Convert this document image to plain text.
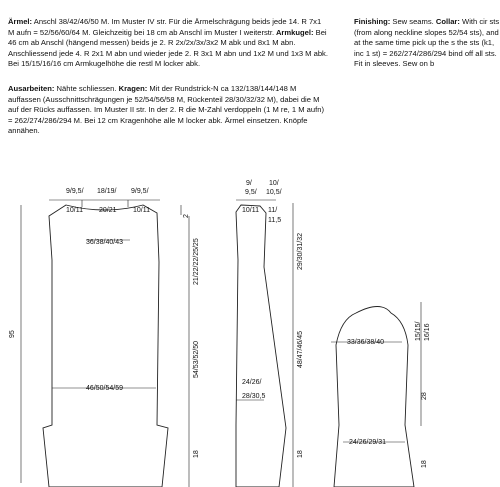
Ärmel: Anschl 38/42/46/50 M. Im Muster IV str. Für die Ärmelschrägung beids jede 14. R 7x1 M aufn = 52/56/60/64 M. Gleichzeitig bei 18 cm ab Anschl im Muster I weiterstr. Armkugel: Bei 46 cm ab Anschl (hängend messen) beids je 2. R 2x/2x/3x/3x2 M abk und 8x1 M abn. Anschliessend jede 4. R 2x1 M abn und wieder jede 2. R 3x1 M abn und 1x2 M und 1x3 M abk. Bei 15/15/16/16 cm Armkugelhöhe die restl M locker abk.

Ausarbeiten: Nähte schliessen. Kragen: Mit der Rundstrick-N ca 132/138/144/148 M auffassen (Ausschnittschrägungen je 52/54/56/58 M, Rückenteil 28/30/32/32 M), dabei die M auf der Rücks auffassen. Im Muster II str. In der 2. R die M-Zahl verdoppeln (1 M re, 1 M aufn) = 262/274/286/294 M. Bei 12 cm Kragenhöhe alle M locker abk. Ärmel einsetzen. Knöpfe annähen.

Finishing: Sew seams. Collar: With cir sts (from along neckline slopes 52/54 sts), and at the same time pick up the s the sts (k1, inc 1 st) = 262/274/286/294 bind off all sts. Fit in sleeves. Sew on b

9/9,5/
10/11
18/19/
20/21
9/9,5/
10/11
36/38/40/43
46/50/54/59
95
2
21/22/22/25/25
54/53/52/50
18
9/
9,5/
10/11
10/
10,5/
11/
11,5
29/30/31/32
48/47/46/45
24/26/
28/30,5
18
15/15/ 16/16
33/36/38/40
28
24/26/29/31
18
